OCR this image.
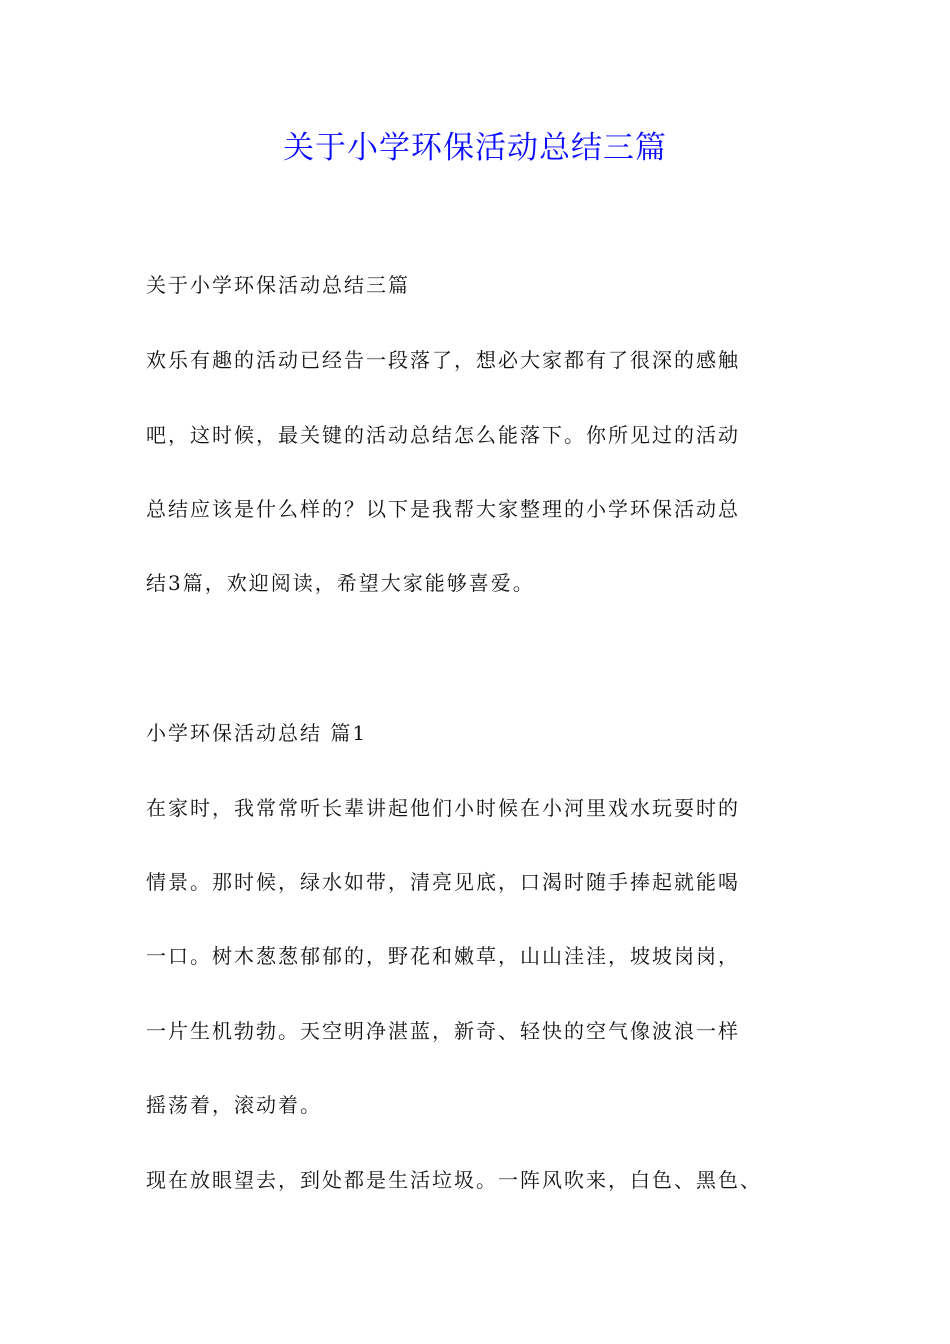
关于小学环保活动总结三篇
关于小学环保活动总结三篇
欢乐有趣的活动已经告一段落了，想必大家都有了很深的感触
吧，这时候，最关键的活动总结怎么能落下。你所见过的活动
总结应该是什么样的？以下是我帮大家整理的小学环保活动总
结3篇，欢迎阅读，希望大家能够喜爱。
小学环保活动总结 篇1
在家时，我常常听长辈讲起他们小时候在小河里戏水玩耍时的
情景。那时候，绿水如带，清亮见底，口渴时随手捧起就能喝
一口。树木葱葱郁郁的，野花和嫩草，山山洼洼，坡坡岗岗，
一片生机勃勃。天空明净湛蓝，新奇、轻快的空气像波浪一样
摇荡着，滚动着。
现在放眼望去，到处都是生活垃圾。一阵风吹来，白色、黑色、
